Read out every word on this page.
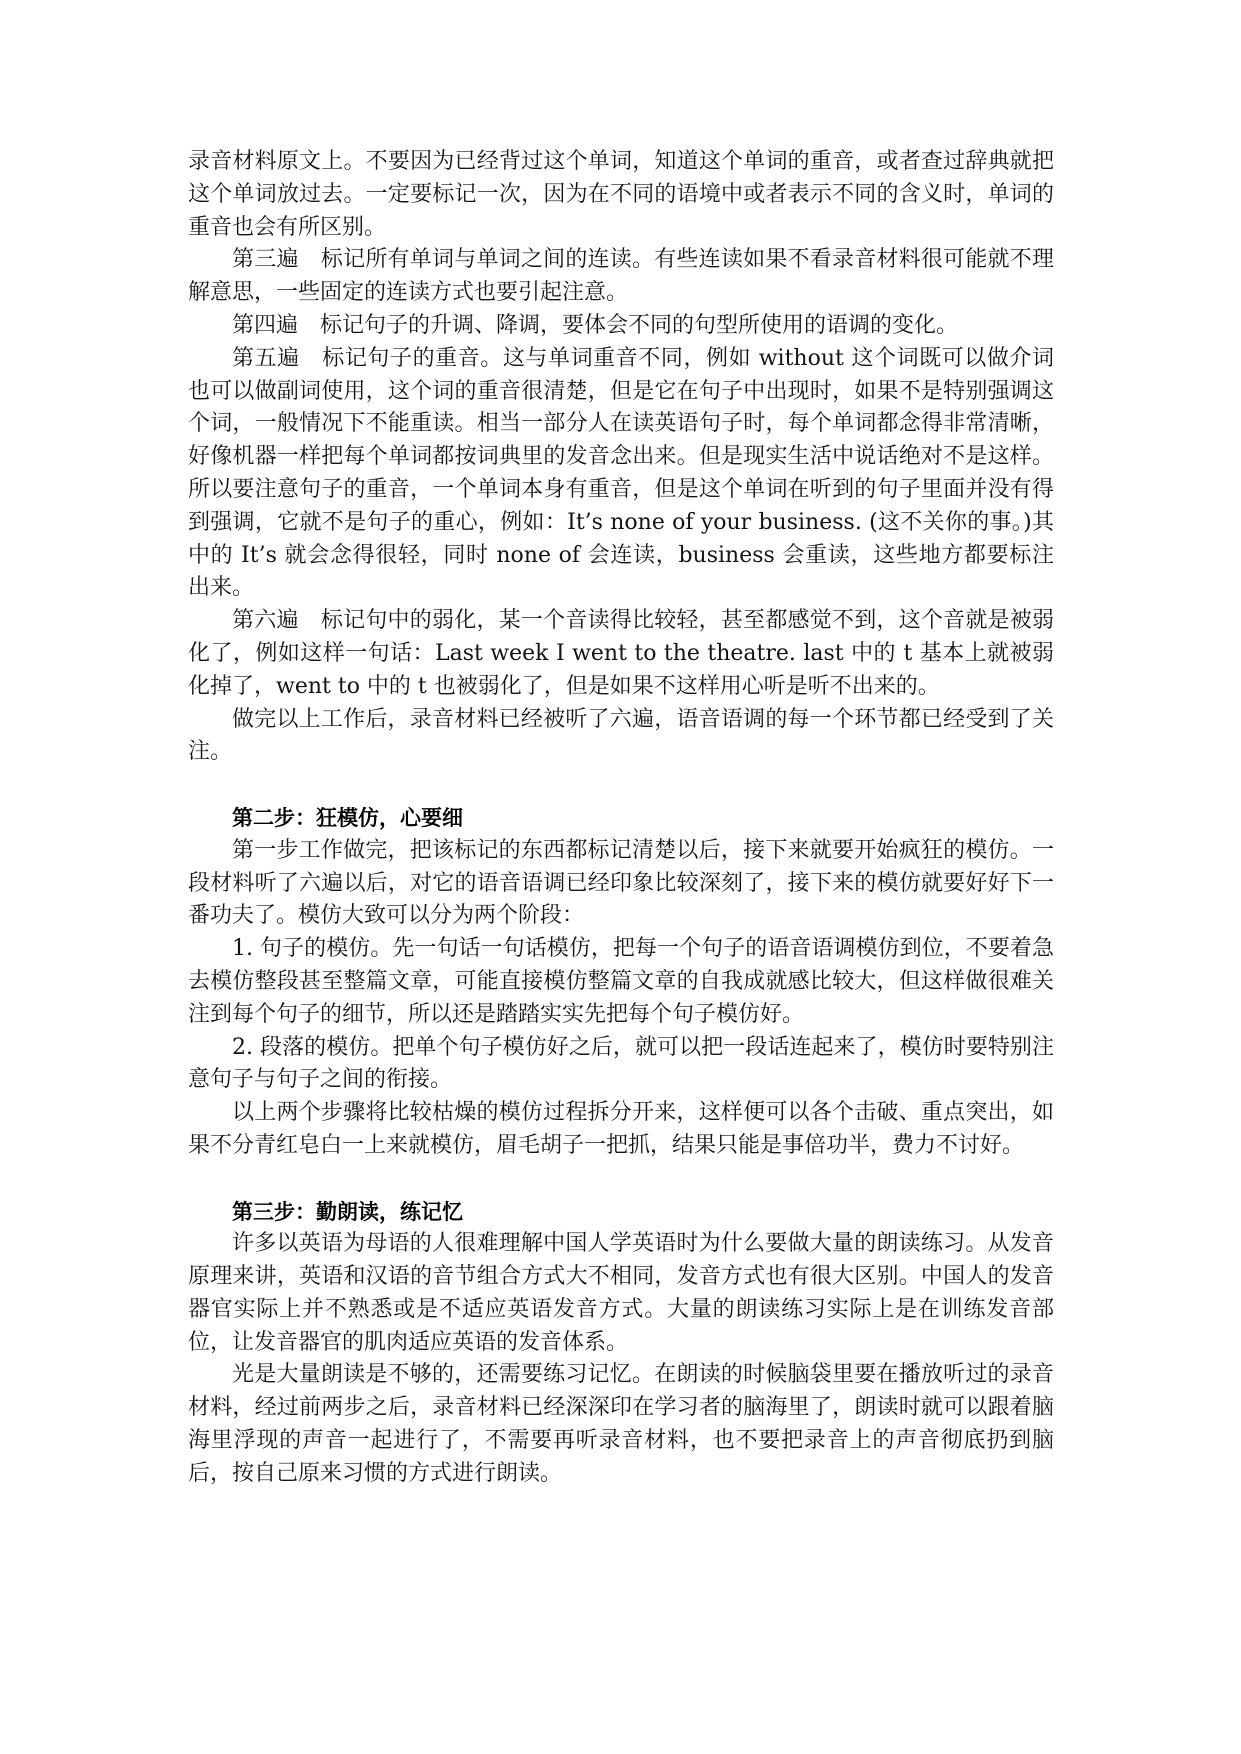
录音材料原文上。不要因为已经背过这个单词，知道这个单词的重音，或者查过辞典就把这个单词放过去。一定要标记一次，因为在不同的语境中或者表示不同的含义时，单词的重音也会有所区别。

第三遍　标记所有单词与单词之间的连读。有些连读如果不看录音材料很可能就不理解意思，一些固定的连读方式也要引起注意。

第四遍　标记句子的升调、降调，要体会不同的句型所使用的语调的变化。

第五遍　标记句子的重音。这与单词重音不同，例如 without 这个词既可以做介词也可以做副词使用，这个词的重音很清楚，但是它在句子中出现时，如果不是特别强调这个词，一般情况下不能重读。相当一部分人在读英语句子时，每个单词都念得非常清晰，好像机器一样把每个单词都按词典里的发音念出来。但是现实生活中说话绝对不是这样。所以要注意句子的重音，一个单词本身有重音，但是这个单词在听到的句子里面并没有得到强调，它就不是句子的重心，例如：It’s none of your business. (这不关你的事。)其中的 It’s 就会念得很轻，同时 none of 会连读，business 会重读，这些地方都要标注出来。

第六遍　标记句中的弱化，某一个音读得比较轻，甚至都感觉不到，这个音就是被弱化了，例如这样一句话：Last week I went to the theatre. last 中的 t 基本上就被弱化掉了，went to 中的 t 也被弱化了，但是如果不这样用心听是听不出来的。

做完以上工作后，录音材料已经被听了六遍，语音语调的每一个环节都已经受到了关注。

第二步：狂模仿，心要细

第一步工作做完，把该标记的东西都标记清楚以后，接下来就要开始疯狂的模仿。一段材料听了六遍以后，对它的语音语调已经印象比较深刻了，接下来的模仿就要好好下一番功夫了。模仿大致可以分为两个阶段：

1. 句子的模仿。先一句话一句话模仿，把每一个句子的语音语调模仿到位，不要着急去模仿整段甚至整篇文章，可能直接模仿整篇文章的自我成就感比较大，但这样做很难关注到每个句子的细节，所以还是踏踏实实先把每个句子模仿好。

2. 段落的模仿。把单个句子模仿好之后，就可以把一段话连起来了，模仿时要特别注意句子与句子之间的衔接。

以上两个步骤将比较枯燥的模仿过程拆分开来，这样便可以各个击破、重点突出，如果不分青红皂白一上来就模仿，眉毛胡子一把抓，结果只能是事倍功半，费力不讨好。

第三步：勤朗读，练记忆

许多以英语为母语的人很难理解中国人学英语时为什么要做大量的朗读练习。从发音原理来讲，英语和汉语的音节组合方式大不相同，发音方式也有很大区别。中国人的发音器官实际上并不熟悉或是不适应英语发音方式。大量的朗读练习实际上是在训练发音部位，让发音器官的肌肉适应英语的发音体系。

光是大量朗读是不够的，还需要练习记忆。在朗读的时候脑袋里要在播放听过的录音材料，经过前两步之后，录音材料已经深深印在学习者的脑海里了，朗读时就可以跟着脑海里浮现的声音一起进行了，不需要再听录音材料，也不要把录音上的声音彻底扔到脑后，按自己原来习惯的方式进行朗读。
